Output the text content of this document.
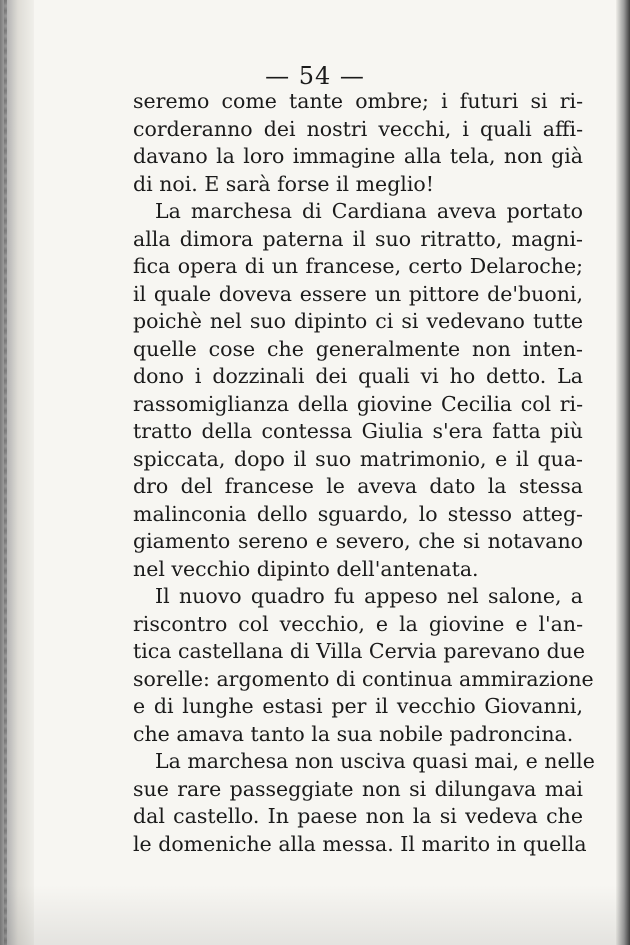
— 54 —
seremo come tante ombre; i futuri si ri-
corderanno dei nostri vecchi, i quali affi-
davano la loro immagine alla tela, non già
di noi. E sarà forse il meglio!
La marchesa di Cardiana aveva portato
alla dimora paterna il suo ritratto, magni-
fica opera di un francese, certo Delaroche;
il quale doveva essere un pittore de'buoni,
poichè nel suo dipinto ci si vedevano tutte
quelle cose che generalmente non inten-
dono i dozzinali dei quali vi ho detto. La
rassomiglianza della giovine Cecilia col ri-
tratto della contessa Giulia s'era fatta più
spiccata, dopo il suo matrimonio, e il qua-
dro del francese le aveva dato la stessa
malinconia dello sguardo, lo stesso atteg-
giamento sereno e severo, che si notavano
nel vecchio dipinto dell'antenata.
Il nuovo quadro fu appeso nel salone, a
riscontro col vecchio, e la giovine e l'an-
tica castellana di Villa Cervia parevano due
sorelle: argomento di continua ammirazione
e di lunghe estasi per il vecchio Giovanni,
che amava tanto la sua nobile padroncina.
La marchesa non usciva quasi mai, e nelle
sue rare passeggiate non si dilungava mai
dal castello. In paese non la si vedeva che
le domeniche alla messa. Il marito in quella
